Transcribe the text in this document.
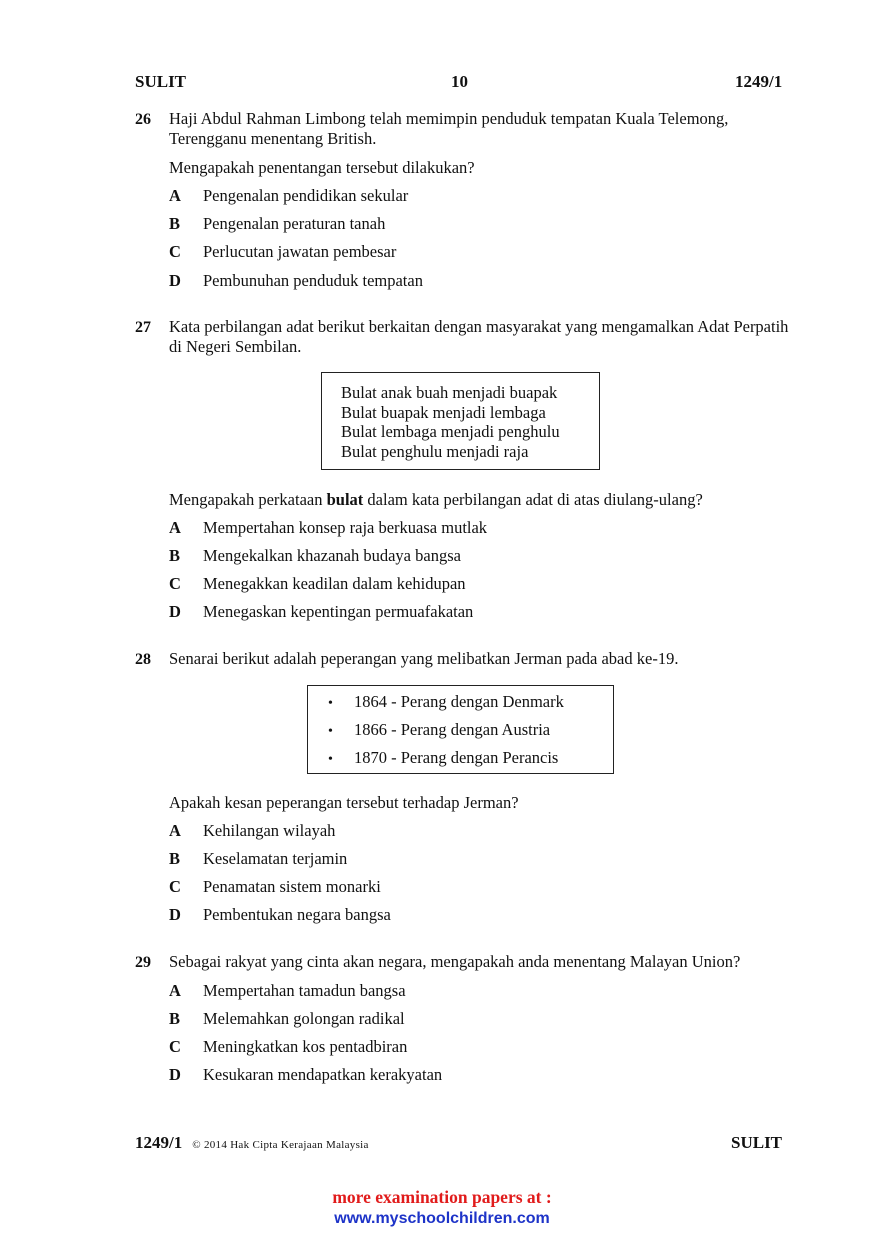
SULIT	10	1249/1
26 Haji Abdul Rahman Limbong telah memimpin penduduk tempatan Kuala Telemong, Terengganu menentang British.
Mengapakah penentangan tersebut dilakukan?
A Pengenalan pendidikan sekular
B Pengenalan peraturan tanah
C Perlucutan jawatan pembesar
D Pembunuhan penduduk tempatan
27 Kata perbilangan adat berikut berkaitan dengan masyarakat yang mengamalkan Adat Perpatih di Negeri Sembilan.
Bulat anak buah menjadi buapak
Bulat buapak menjadi lembaga
Bulat lembaga menjadi penghulu
Bulat penghulu menjadi raja
Mengapakah perkataan bulat dalam kata perbilangan adat di atas diulang-ulang?
A Mempertahan konsep raja berkuasa mutlak
B Mengekalkan khazanah budaya bangsa
C Menegakkan keadilan dalam kehidupan
D Menegaskan kepentingan permuafakatan
28 Senarai berikut adalah peperangan yang melibatkan Jerman pada abad ke-19.
• 1864 - Perang dengan Denmark
• 1866 - Perang dengan Austria
• 1870 - Perang dengan Perancis
Apakah kesan peperangan tersebut terhadap Jerman?
A Kehilangan wilayah
B Keselamatan terjamin
C Penamatan sistem monarki
D Pembentukan negara bangsa
29 Sebagai rakyat yang cinta akan negara, mengapakah anda menentang Malayan Union?
A Mempertahan tamadun bangsa
B Melemahkan golongan radikal
C Meningkatkan kos pentadbiran
D Kesukaran mendapatkan kerakyatan
1249/1 © 2014 Hak Cipta Kerajaan Malaysia	SULIT
more examination papers at :
www.myschoolchildren.com
